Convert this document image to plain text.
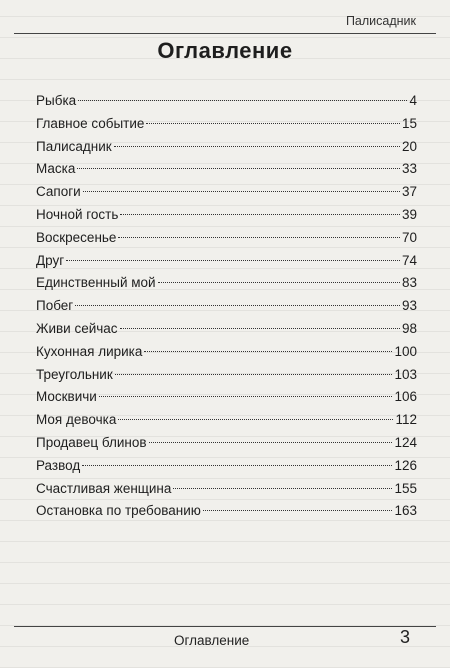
Палисадник
Оглавление
Рыбка	4
Главное событие	15
Палисадник	20
Маска	33
Сапоги	37
Ночной гость	39
Воскресенье	70
Друг	74
Единственный мой	83
Побег	93
Живи сейчас	98
Кухонная лирика	100
Треугольник	103
Москвичи	106
Моя девочка	112
Продавец блинов	124
Развод	126
Счастливая женщина	155
Остановка по требованию	163
Оглавление	3
